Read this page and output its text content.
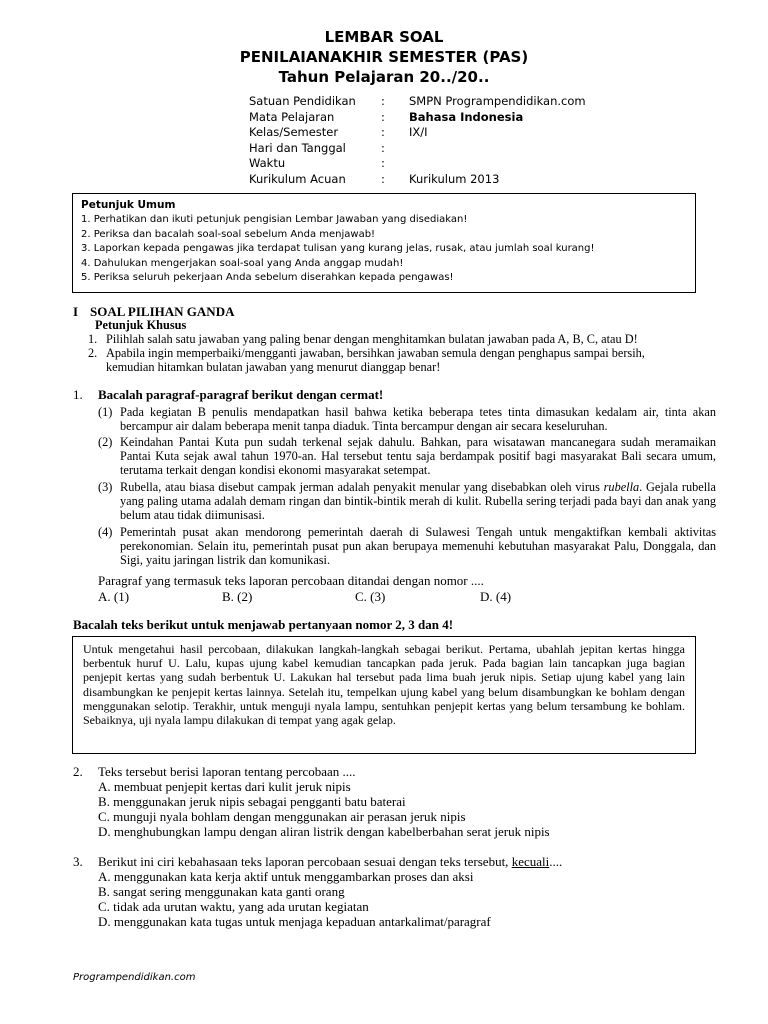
LEMBAR SOAL
PENILAIANAKHIR SEMESTER (PAS)
Tahun Pelajaran 20../20..
Satuan Pendidikan : SMPN Programpendidikan.com
Mata Pelajaran	: Bahasa Indonesia
Kelas/Semester	: IX/I
Hari dan Tanggal	:
Waktu	:
Kurikulum Acuan	: Kurikulum 2013
Petunjuk Umum
1. Perhatikan dan ikuti petunjuk pengisian Lembar Jawaban yang disediakan!
2. Periksa dan bacalah soal-soal sebelum Anda menjawab!
3. Laporkan kepada pengawas jika terdapat tulisan yang kurang jelas, rusak, atau jumlah soal kurang!
4. Dahulukan mengerjakan soal-soal yang Anda anggap mudah!
5. Periksa seluruh pekerjaan Anda sebelum diserahkan kepada pengawas!
I SOAL PILIHAN GANDA
Petunjuk Khusus
1. Pilihlah salah satu jawaban yang paling benar dengan menghitamkan bulatan jawaban pada A, B, C, atau D!
2. Apabila ingin memperbaiki/mengganti jawaban, bersihkan jawaban semula dengan penghapus sampai bersih,
kemudian hitamkan bulatan jawaban yang menurut dianggap benar!
1. Bacalah paragraf-paragraf berikut dengan cermat!
(1) Pada kegiatan B penulis mendapatkan hasil bahwa ketika beberapa tetes tinta dimasukan kedalam air, tinta akan bercampur air dalam beberapa menit tanpa diaduk. Tinta bercampur dengan air secara keseluruhan.
(2) Keindahan Pantai Kuta pun sudah terkenal sejak dahulu. Bahkan, para wisatawan mancanegara sudah meramaikan Pantai Kuta sejak awal tahun 1970-an. Hal tersebut tentu saja berdampak positif bagi masyarakat Bali secara umum, terutama terkait dengan kondisi ekonomi masyarakat setempat.
(3) Rubella, atau biasa disebut campak jerman adalah penyakit menular yang disebabkan oleh virus rubella. Gejala rubella yang paling utama adalah demam ringan dan bintik-bintik merah di kulit. Rubella sering terjadi pada bayi dan anak yang belum atau tidak diimunisasi.
(4) Pemerintah pusat akan mendorong pemerintah daerah di Sulawesi Tengah untuk mengaktifkan kembali aktivitas perekonomian. Selain itu, pemerintah pusat pun akan berupaya memenuhi kebutuhan masyarakat Palu, Donggala, dan Sigi, yaitu jaringan listrik dan komunikasi.
Paragraf yang termasuk teks laporan percobaan ditandai dengan nomor ....
A. (1)	B. (2)	C. (3)	D. (4)
Bacalah teks berikut untuk menjawab pertanyaan nomor 2, 3 dan 4!
Untuk mengetahui hasil percobaan, dilakukan langkah-langkah sebagai berikut. Pertama, ubahlah jepitan kertas hingga berbentuk huruf U. Lalu, kupas ujung kabel kemudian tancapkan pada jeruk. Pada bagian lain tancapkan juga bagian penjepit kertas yang sudah berbentuk U. Lakukan hal tersebut pada lima buah jeruk nipis. Setiap ujung kabel yang lain disambungkan ke penjepit kertas lainnya. Setelah itu, tempelkan ujung kabel yang belum disambungkan ke bohlam dengan menggunakan selotip. Terakhir, untuk menguji nyala lampu, sentuhkan penjepit kertas yang belum tersambung ke bohlam. Sebaiknya, uji nyala lampu dilakukan di tempat yang agak gelap.
2. Teks tersebut berisi laporan tentang percobaan ....
A. membuat penjepit kertas dari kulit jeruk nipis
B. menggunakan jeruk nipis sebagai pengganti batu baterai
C. munguji nyala bohlam dengan menggunakan air perasan jeruk nipis
D. menghubungkan lampu dengan aliran listrik dengan kabelberbahan serat jeruk nipis
3. Berikut ini ciri kebahasaan teks laporan percobaan sesuai dengan teks tersebut, kecuali....
A. menggunakan kata kerja aktif untuk menggambarkan proses dan aksi
B. sangat sering menggunakan kata ganti orang
C. tidak ada urutan waktu, yang ada urutan kegiatan
D. menggunakan kata tugas untuk menjaga kepaduan antarkalimat/paragraf
Programpendidikan.com
